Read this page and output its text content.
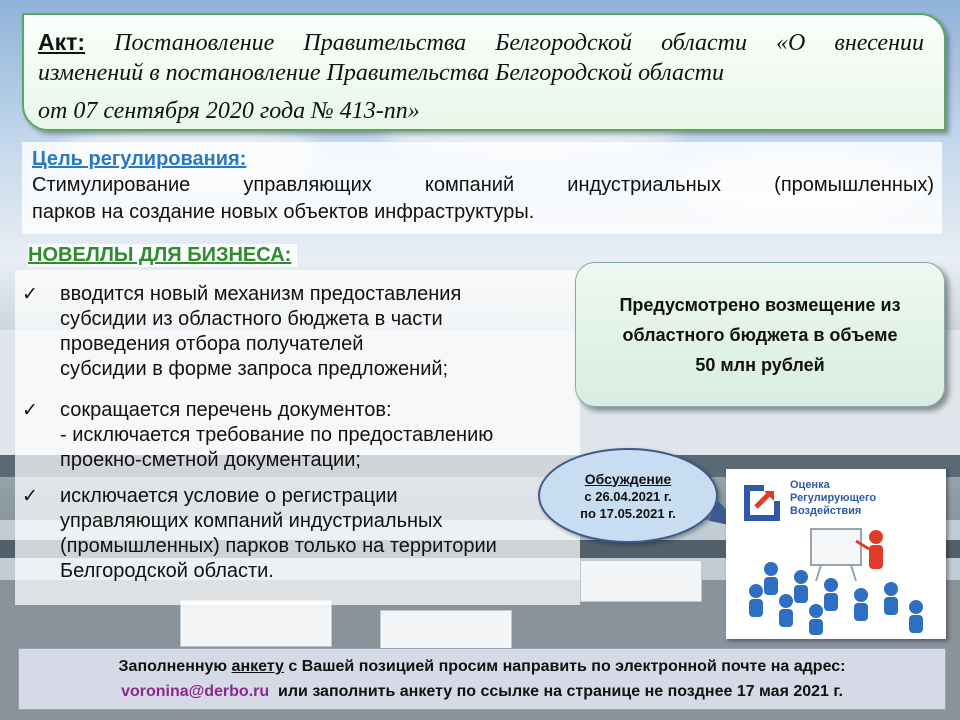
Акт: Постановление Правительства Белгородской области «О внесении
изменений в постановление Правительства Белгородской области
от 07 сентября 2020 года № 413-пп»
Цель регулирования:
Стимулирование управляющих компаний индустриальных (промышленных)
парков на создание новых объектов инфраструктуры.
НОВЕЛЛЫ ДЛЯ БИЗНЕСА:
✓ вводится новый механизм предоставления
субсидии из областного бюджета в части
проведения отбора получателей
субсидии в форме запроса предложений;
✓ сокращается перечень документов:
- исключается требование по предоставлению
проекно-сметной документации;
✓ исключается условие о регистрации
управляющих компаний индустриальных
(промышленных) парков только на территории
Белгородской области.
Предусмотрено возмещение из
областного бюджета в объеме
50 млн рублей
Обсуждение
с 26.04.2021 г.
по 17.05.2021 г.
Оценка
Регулирующего
Воздействия
Заполненную анкету с Вашей позицией просим направить по электронной почте на адрес:
voronina@derbo.ru или заполнить анкету по ссылке на странице не позднее 17 мая 2021 г.
